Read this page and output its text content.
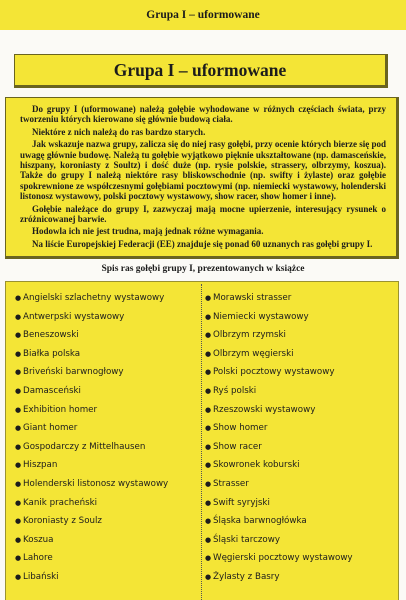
Grupa I – uformowane
Grupa I – uformowane

Do grupy I (uformowane) należą gołębie wyhodowane w różnych częściach świata, przy tworzeniu których kierowano się głównie budową ciała.

Niektóre z nich należą do ras bardzo starych.

Jak wskazuje nazwa grupy, zalicza się do niej rasy gołębi, przy ocenie których bierze się pod uwagę głównie budowę. Należą tu gołębie wyjątkowo pięknie ukształtowane (np. damasceńskie, hiszpany, koroniasty z Soultz) i dość duże (np. rysie polskie, strassery, olbrzymy, koszua). Także do grupy I należą niektóre rasy bliskowschodnie (np. swifty i żylaste) oraz gołębie spokrewnione ze współczesnymi gołębiami pocztowymi (np. niemiecki wystawowy, holenderski listonosz wystawowy, polski pocztowy wystawowy, show racer, show homer i inne).

Gołębie należące do grupy I, zazwyczaj mają mocne upierzenie, interesujący rysunek o zróżnicowanej barwie.

Hodowla ich nie jest trudna, mają jednak różne wymagania.

Na liście Europejskiej Federacji (EE) znajduje się ponad 60 uznanych ras gołębi grupy I.

Spis ras gołębi grupy I, prezentowanych w książce
● Angielski szlachetny wystawowy
● Antwerpski wystawowy
● Beneszowski
● Białka polska
● Briveński barwnogłowy
● Damasceński
● Exhibition homer
● Giant homer
● Gospodarczy z Mittelhausen
● Hiszpan
● Holenderski listonosz wystawowy
● Kanik pracheński
● Koroniasty z Soulz
● Koszua
● Lahore
● Libański
● Morawski strasser
● Niemiecki wystawowy
● Olbrzym rzymski
● Olbrzym węgierski
● Polski pocztowy wystawowy
● Ryś polski
● Rzeszowski wystawowy
● Show homer
● Show racer
● Skowronek koburski
● Strasser
● Swift syryjski
● Śląska barwnogłówka
● Śląski tarczowy
● Węgierski pocztowy wystawowy
● Żylasty z Basry
